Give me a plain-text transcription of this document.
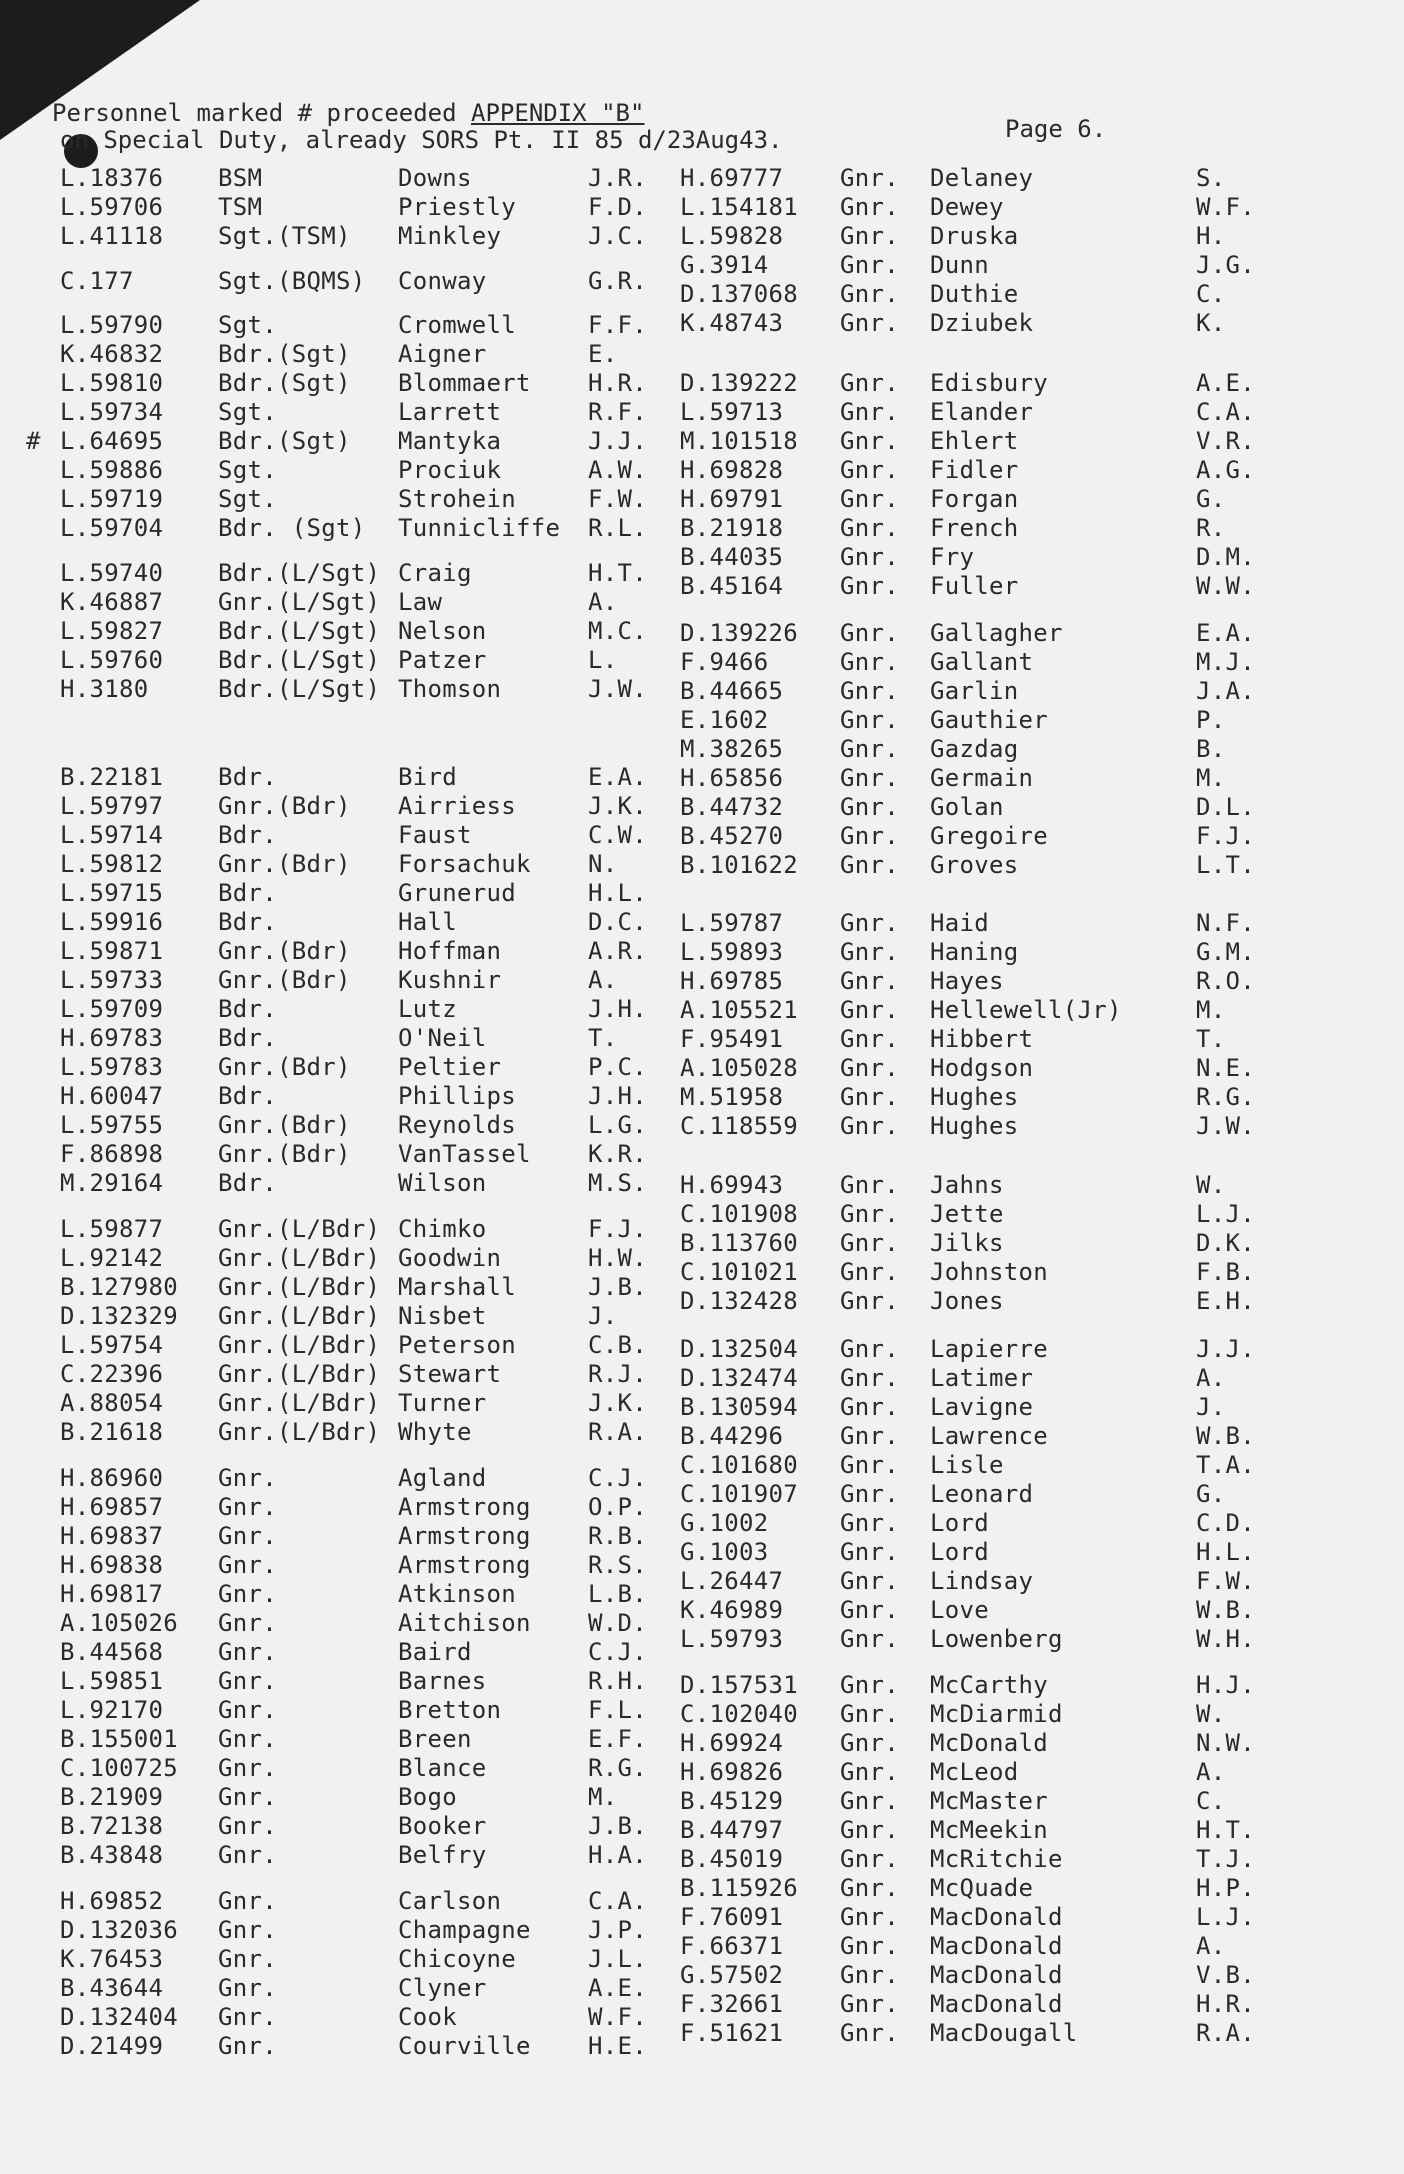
Personnel marked # proceeded APPENDIX "B"
on Special Duty, already SORS Pt. II 85 d/23Aug43.	Page 6.
L.18376 BSM	Downs	J.R.
L.59706 TSM	Priestly	F.D.
L.41118 Sgt.(TSM) Minkley	J.C.
C.177	Sgt.(BQMS) Conway	G.R.
L.59790 Sgt.	Cromwell	F.F.
K.46832 Bdr.(Sgt) Aigner	E.
L.59810 Bdr.(Sgt) Blommaert H.R.
L.59734 Sgt.	Larrett	R.F.
# L.64695 Bdr.(Sgt) Mantyka	J.J.
L.59886 Sgt.	Prociuk	A.W.
L.59719 Sgt.	Strohein	F.W.
L.59704 Bdr. (Sgt) Tunnicliffe R.L.
L.59740 Bdr.(L/Sgt) Craig	H.T.
K.46887 Gnr.(L/Sgt) Law	A.
L.59827 Bdr.(L/Sgt) Nelson	M.C.
L.59760 Bdr.(L/Sgt) Patzer	L.
H.3180	Bdr.(L/Sgt) Thomson	J.W.
B.22181 Bdr.	Bird	E.A.
L.59797 Gnr.(Bdr) Airriess	J.K.
L.59714 Bdr.	Faust	C.W.
L.59812 Gnr.(Bdr) Forsachuk N.
L.59715 Bdr.	Grunerud	H.L.
L.59916 Bdr.	Hall	D.C.
L.59871 Gnr.(Bdr) Hoffman	A.R.
L.59733 Gnr.(Bdr) Kushnir	A.
L.59709 Bdr.	Lutz	J.H.
H.69783 Bdr.	O'Neil	T.
L.59783 Gnr.(Bdr) Peltier	P.C.
H.60047 Bdr.	Phillips	J.H.
L.59755 Gnr.(Bdr) Reynolds	L.G.
F.86898 Gnr.(Bdr) VanTassel K.R.
M.29164 Bdr.	Wilson	M.S.
L.59877 Gnr.(L/Bdr) Chimko	F.J.
L.92142 Gnr.(L/Bdr) Goodwin	H.W.
B.127980 Gnr.(L/Bdr) Marshall	J.B.
D.132329 Gnr.(L/Bdr) Nisbet	J.
L.59754 Gnr.(L/Bdr) Peterson	C.B.
C.22396 Gnr.(L/Bdr) Stewart	R.J.
A.88054 Gnr.(L/Bdr) Turner	J.K.
B.21618 Gnr.(L/Bdr) Whyte	R.A.
H.86960 Gnr.	Agland	C.J.
H.69857 Gnr.	Armstrong O.P.
H.69837 Gnr.	Armstrong R.B.
H.69838 Gnr.	Armstrong R.S.
H.69817 Gnr.	Atkinson	L.B.
A.105026 Gnr.	Aitchison W.D.
B.44568 Gnr.	Baird	C.J.
L.59851 Gnr.	Barnes	R.H.
L.92170 Gnr.	Bretton	F.L.
B.155001 Gnr.	Breen	E.F.
C.100725 Gnr.	Blance	R.G.
B.21909 Gnr.	Bogo	M.
B.72138 Gnr.	Booker	J.B.
B.43848 Gnr.	Belfry	H.A.
H.69852 Gnr.	Carlson	C.A.
D.132036 Gnr.	Champagne J.P.
K.76453 Gnr.	Chicoyne	J.L.
B.43644 Gnr.	Clyner	A.E.
D.132404 Gnr.	Cook	W.F.
D.21499 Gnr.	Courville H.E.
H.69777 Gnr. Delaney	S.
L.154181 Gnr. Dewey	W.F.
L.59828 Gnr. Druska	H.
G.3914	Gnr. Dunn	J.G.
D.137068 Gnr. Duthie	C.
K.48743 Gnr. Dziubek	K.
D.139222 Gnr. Edisbury	A.E.
L.59713 Gnr. Elander	C.A.
M.101518 Gnr. Ehlert	V.R.
H.69828 Gnr. Fidler	A.G.
H.69791 Gnr. Forgan	G.
B.21918 Gnr. French	R.
B.44035 Gnr. Fry	D.M.
B.45164 Gnr. Fuller	W.W.
D.139226 Gnr. Gallagher	E.A.
F.9466	Gnr. Gallant	M.J.
B.44665 Gnr. Garlin	J.A.
E.1602	Gnr. Gauthier	P.
M.38265 Gnr. Gazdag	B.
H.65856 Gnr. Germain	M.
B.44732 Gnr. Golan	D.L.
B.45270 Gnr. Gregoire	F.J.
B.101622 Gnr. Groves	L.T.
L.59787 Gnr. Haid	N.F.
L.59893 Gnr. Haning	G.M.
H.69785 Gnr. Hayes	R.O.
A.105521 Gnr. Hellewell(Jr)	M.
F.95491 Gnr. Hibbert	T.
A.105028 Gnr. Hodgson	N.E.
M.51958 Gnr. Hughes	R.G.
C.118559 Gnr. Hughes	J.W.
H.69943 Gnr. Jahns	W.
C.101908 Gnr. Jette	L.J.
B.113760 Gnr. Jilks	D.K.
C.101021 Gnr. Johnston	F.B.
D.132428 Gnr. Jones	E.H.
D.132504 Gnr. Lapierre	J.J.
D.132474 Gnr. Latimer	A.
B.130594 Gnr. Lavigne	J.
B.44296 Gnr. Lawrence	W.B.
C.101680 Gnr. Lisle	T.A.
C.101907 Gnr. Leonard	G.
G.1002	Gnr. Lord	C.D.
G.1003	Gnr. Lord	H.L.
L.26447 Gnr. Lindsay	F.W.
K.46989 Gnr. Love	W.B.
L.59793 Gnr. Lowenberg	W.H.
D.157531 Gnr. McCarthy	H.J.
C.102040 Gnr. McDiarmid	W.
H.69924 Gnr. McDonald	N.W.
H.69826 Gnr. McLeod	A.
B.45129 Gnr. McMaster	C.
B.44797 Gnr. McMeekin	H.T.
B.45019 Gnr. McRitchie	T.J.
B.115926 Gnr. McQuade	H.P.
F.76091 Gnr. MacDonald	L.J.
F.66371 Gnr. MacDonald	A.
G.57502 Gnr. MacDonald	V.B.
F.32661 Gnr. MacDonald	H.R.
F.51621 Gnr. MacDougall	R.A.
